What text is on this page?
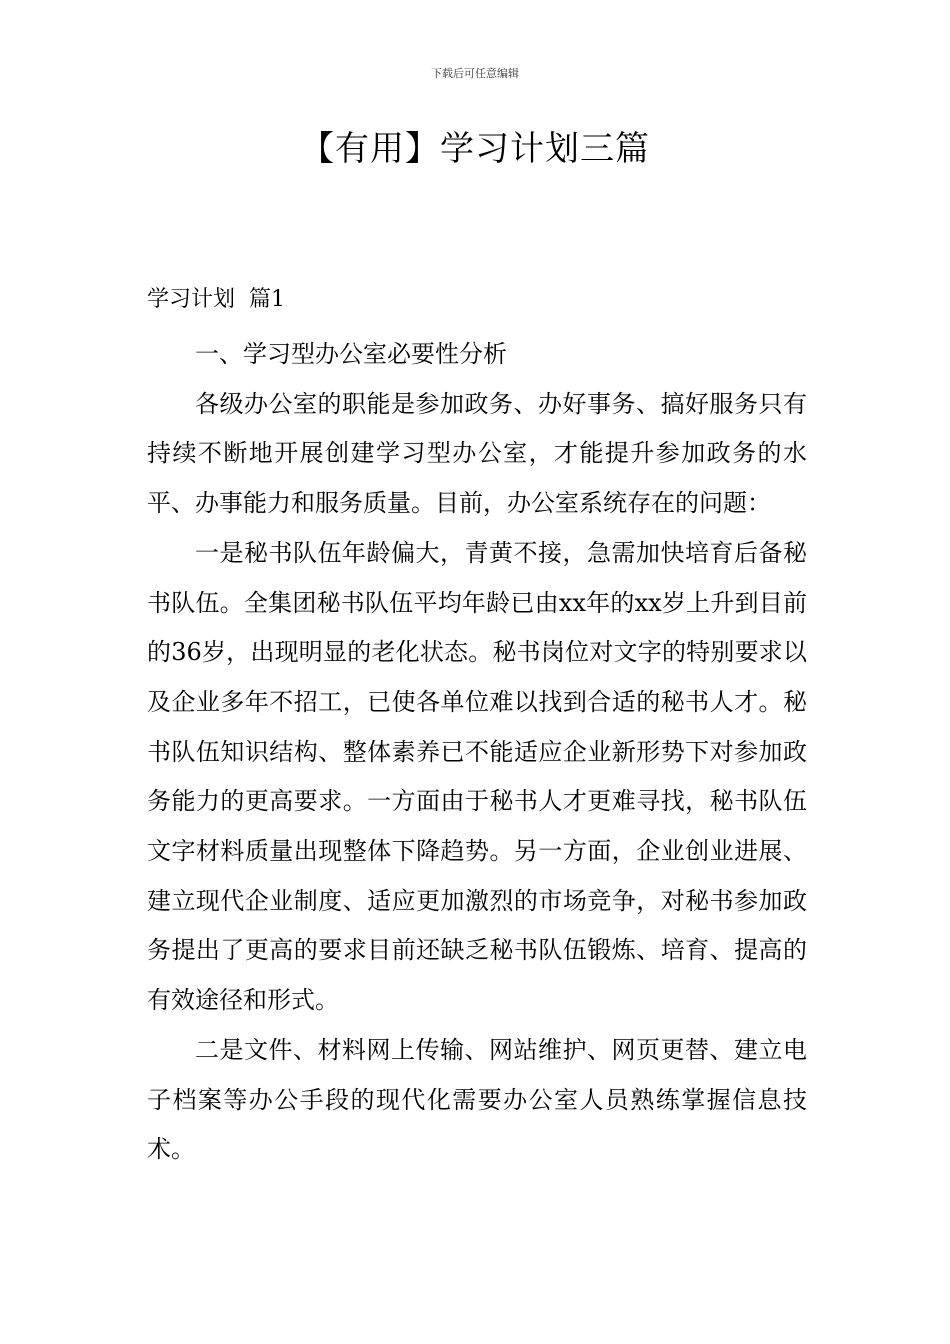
下载后可任意编辑
【有用】学习计划三篇
学习计划  篇1

一、学习型办公室必要性分析

各级办公室的职能是参加政务、办好事务、搞好服务只有持续不断地开展创建学习型办公室，才能提升参加政务的水平、办事能力和服务质量。目前，办公室系统存在的问题：

一是秘书队伍年龄偏大，青黄不接，急需加快培育后备秘书队伍。全集团秘书队伍平均年龄已由xx年的xx岁上升到目前的36岁，出现明显的老化状态。秘书岗位对文字的特别要求以及企业多年不招工，已使各单位难以找到合适的秘书人才。秘书队伍知识结构、整体素养已不能适应企业新形势下对参加政务能力的更高要求。一方面由于秘书人才更难寻找，秘书队伍文字材料质量出现整体下降趋势。另一方面，企业创业进展、建立现代企业制度、适应更加激烈的市场竞争，对秘书参加政务提出了更高的要求目前还缺乏秘书队伍锻炼、培育、提高的有效途径和形式。

二是文件、材料网上传输、网站维护、网页更替、建立电子档案等办公手段的现代化需要办公室人员熟练掌握信息技术。
